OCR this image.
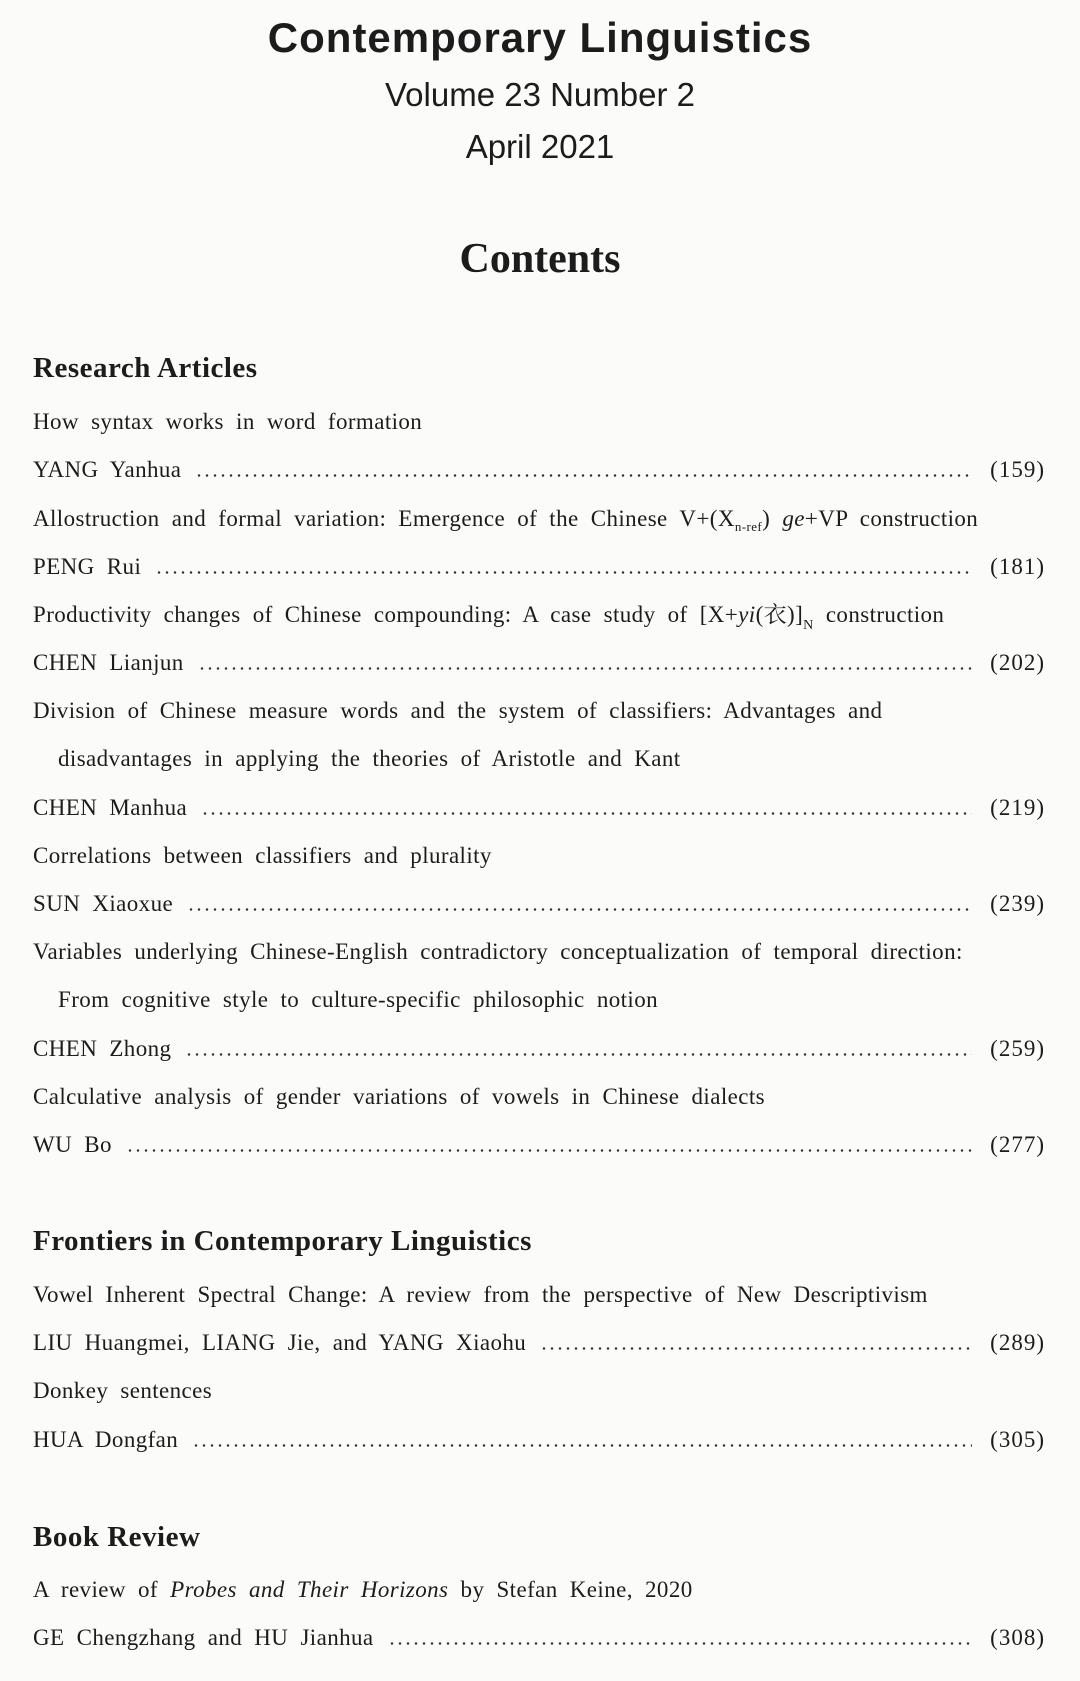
Contemporary Linguistics

Volume 23 Number 2

April 2021

Contents
Research Articles
How syntax works in word formation
YANG Yanhua	(159)
Allostruction and formal variation: Emergence of the Chinese $V+(X_{n-ref})$ ge+VP construction
PENG Rui	(181)
Productivity changes of Chinese compounding: A case study of [X+yi(衣)]$_N$ construction
CHEN Lianjun	(202)
Division of Chinese measure words and the system of classifiers: Advantages and
disadvantages in applying the theories of Aristotle and Kant
CHEN Manhua	(219)
Correlations between classifiers and plurality
SUN Xiaoxue	(239)
Variables underlying Chinese-English contradictory conceptualization of temporal direction:
From cognitive style to culture-specific philosophic notion
CHEN Zhong	(259)
Calculative analysis of gender variations of vowels in Chinese dialects
WU Bo	(277)
Frontiers in Contemporary Linguistics
Vowel Inherent Spectral Change: A review from the perspective of New Descriptivism
LIU Huangmei, LIANG Jie, and YANG Xiaohu	(289)
Donkey sentences
HUA Dongfan	(305)
Book Review
A review of Probes and Their Horizons by Stefan Keine, 2020
GE Chengzhang and HU Jianhua	(308)
